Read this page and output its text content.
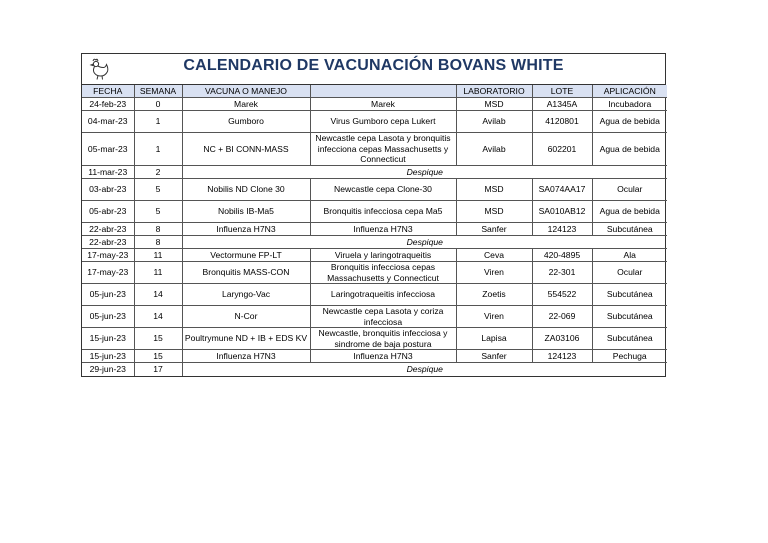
CALENDARIO DE VACUNACIÓN BOVANS WHITE
FECHA	SEMANA	VACUNA O MANEJO		LABORATORIO	LOTE	APLICACIÓN
24-feb-23	0	Marek	Marek	MSD	A1345A	Incubadora
04-mar-23	1	Gumboro	Virus Gumboro cepa Lukert	Avilab	4120801	Agua de bebida
05-mar-23	1	NC + BI CONN-MASS	Newcastle cepa Lasota y bronquitis infecciona cepas Massachusetts y Connecticut	Avilab	602201	Agua de bebida
11-mar-23	2	Despique				
03-abr-23	5	Nobilis ND Clone 30	Newcastle cepa Clone-30	MSD	SA074AA17	Ocular
05-abr-23	5	Nobilis IB-Ma5	Bronquitis infecciosa cepa Ma5	MSD	SA010AB12	Agua de bebida
22-abr-23	8	Influenza H7N3	Influenza H7N3	Sanfer	124123	Subcutánea
22-abr-23	8	Despique				
17-may-23	11	Vectormune FP-LT	Viruela y laringotraqueitis	Ceva	420-4895	Ala
17-may-23	11	Bronquitis MASS-CON	Bronquitis infecciosa cepas Massachusetts y Connecticut	Viren	22-301	Ocular
05-jun-23	14	Laryngo-Vac	Laringotraqueitis infecciosa	Zoetis	554522	Subcutánea
05-jun-23	14	N-Cor	Newcastle cepa Lasota y coriza infecciosa	Viren	22-069	Subcutánea
15-jun-23	15	Poultrymune ND + IB + EDS KV	Newcastle, bronquitis infecciosa y sindrome de baja postura	Lapisa	ZA03106	Subcutánea
15-jun-23	15	Influenza H7N3	Influenza H7N3	Sanfer	124123	Pechuga
29-jun-23	17	Despique				
